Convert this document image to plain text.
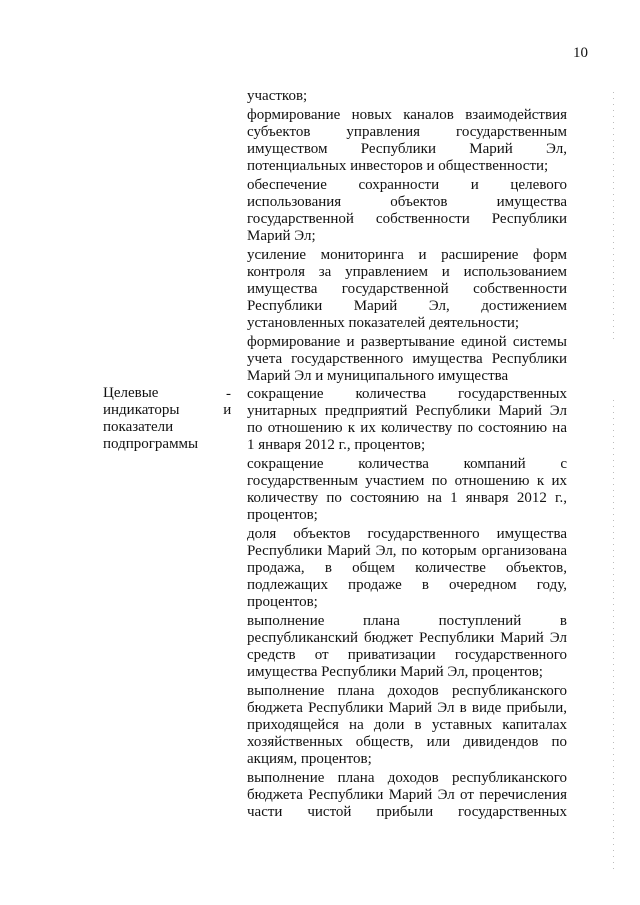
10

участков;

формирование новых каналов взаимодействия субъектов управления государственным имуществом Республики Марий Эл, потенциальных инвесторов и общественности;

обеспечение сохранности и целевого использования объектов имущества государственной собственности Республики Марий Эл;

усиление мониторинга и расширение форм контроля за управлением и использованием имущества государственной собственности Республики Марий Эл, достижением установленных показателей деятельности;

формирование и развертывание единой системы учета государственного имущества Республики Марий Эл и муниципального имущества

Целевые
индикаторы и
показатели
подпрограммы
- сокращение количества государственных унитарных предприятий Республики Марий Эл по отношению к их количеству по состоянию на 1 января 2012 г., процентов;

сокращение количества компаний с государственным участием по отношению к их количеству по состоянию на 1 января 2012 г., процентов;

доля объектов государственного имущества Республики Марий Эл, по которым организована продажа, в общем количестве объектов, подлежащих продаже в очередном году, процентов;

выполнение плана поступлений в республиканский бюджет Республики Марий Эл средств от приватизации государственного имущества Республики Марий Эл, процентов;

выполнение плана доходов республиканского бюджета Республики Марий Эл в виде прибыли, приходящейся на доли в уставных капиталах хозяйственных обществ, или дивидендов по акциям, процентов;

выполнение плана доходов республиканского бюджета Республики Марий Эл от перечисления части чистой прибыли государственных
